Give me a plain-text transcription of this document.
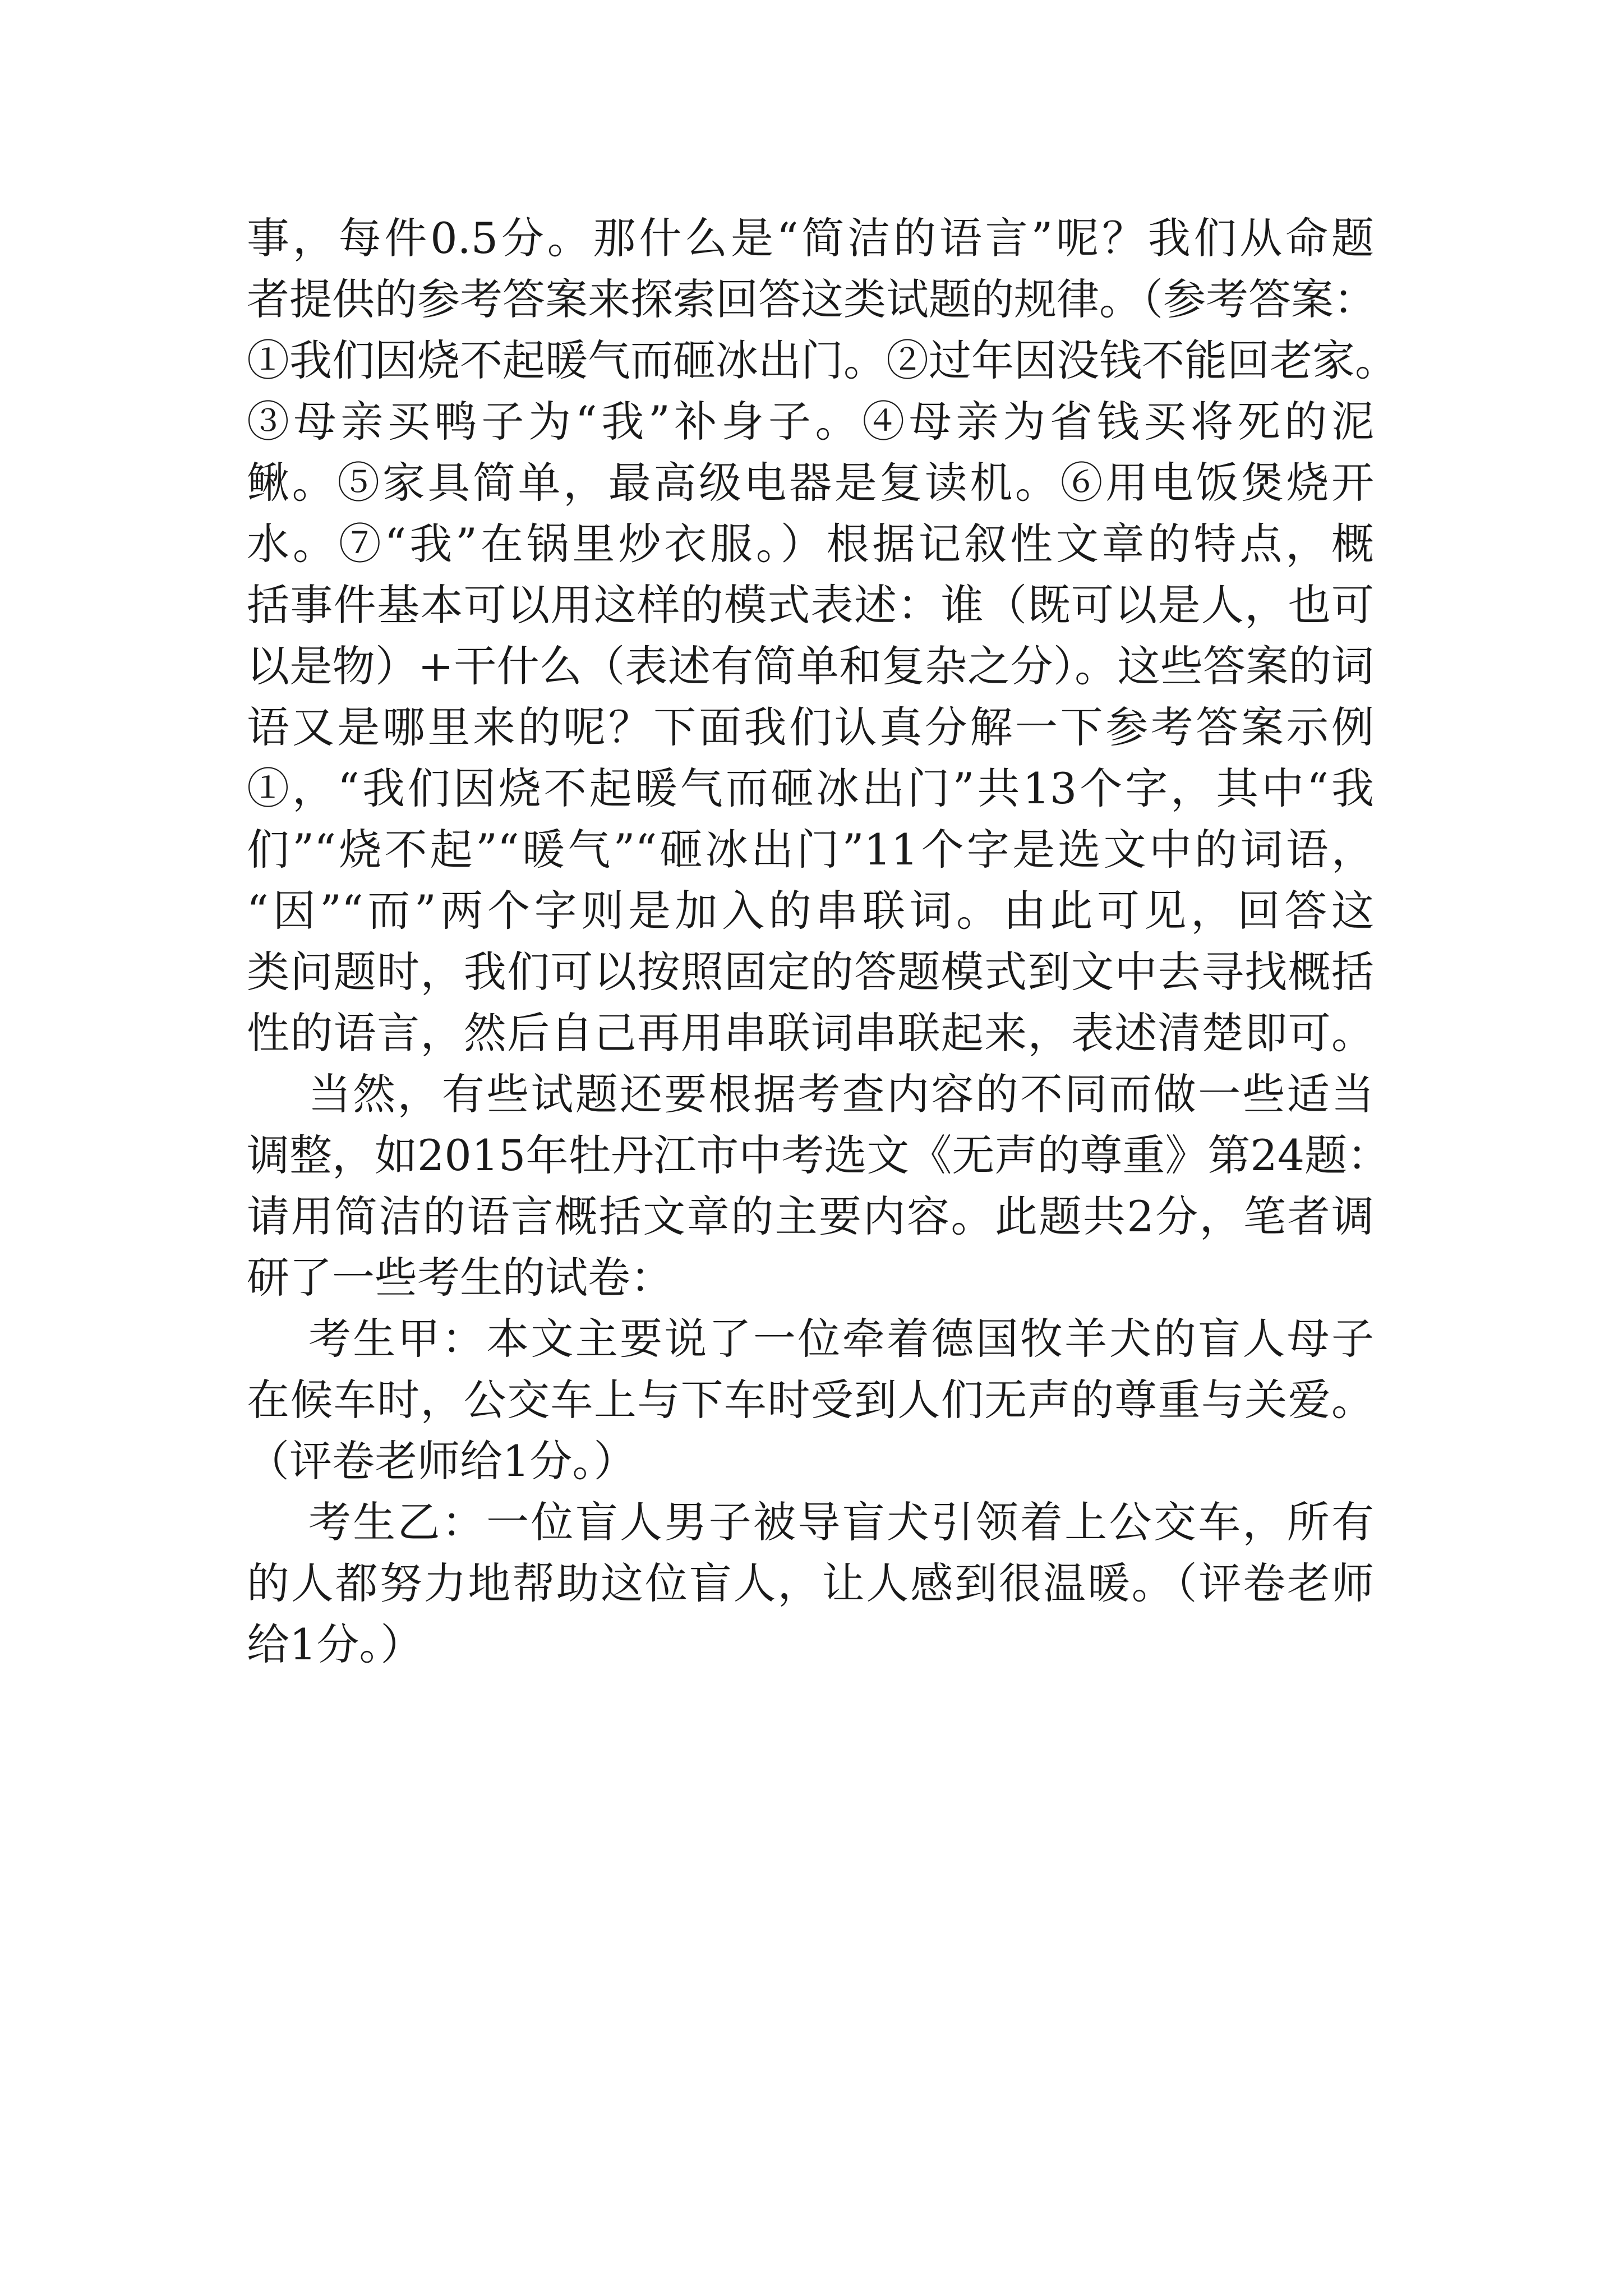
事，每件0.5分。那什么是“简洁的语言”呢？我们从命题
者提供的参考答案来探索回答这类试题的规律。（参考答案：
①我们因烧不起暖气而砸冰出门。②过年因没钱不能回老家。
③母亲买鸭子为“我”补身子。④母亲为省钱买将死的泥
鳅。⑤家具简单，最高级电器是复读机。⑥用电饭煲烧开
水。⑦“我”在锅里炒衣服。）根据记叙性文章的特点，概
括事件基本可以用这样的模式表述：谁（既可以是人，也可
以是物）+干什么（表述有简单和复杂之分）。这些答案的词
语又是哪里来的呢？下面我们认真分解一下参考答案示例
①，“我们因烧不起暖气而砸冰出门”共13个字，其中“我
们”“烧不起”“暖气”“砸冰出门”11个字是选文中的词语，
“因”“而”两个字则是加入的串联词。由此可见，回答这
类问题时，我们可以按照固定的答题模式到文中去寻找概括
性的语言，然后自己再用串联词串联起来，表述清楚即可。
当然，有些试题还要根据考查内容的不同而做一些适当
调整，如2015年牡丹江市中考选文《无声的尊重》第24题：
请用简洁的语言概括文章的主要内容。此题共2分，笔者调
研了一些考生的试卷：
考生甲：本文主要说了一位牵着德国牧羊犬的盲人母子
在候车时，公交车上与下车时受到人们无声的尊重与关爱。
（评卷老师给1分。）
考生乙：一位盲人男子被导盲犬引领着上公交车，所有
的人都努力地帮助这位盲人，让人感到很温暖。（评卷老师
给1分。）
